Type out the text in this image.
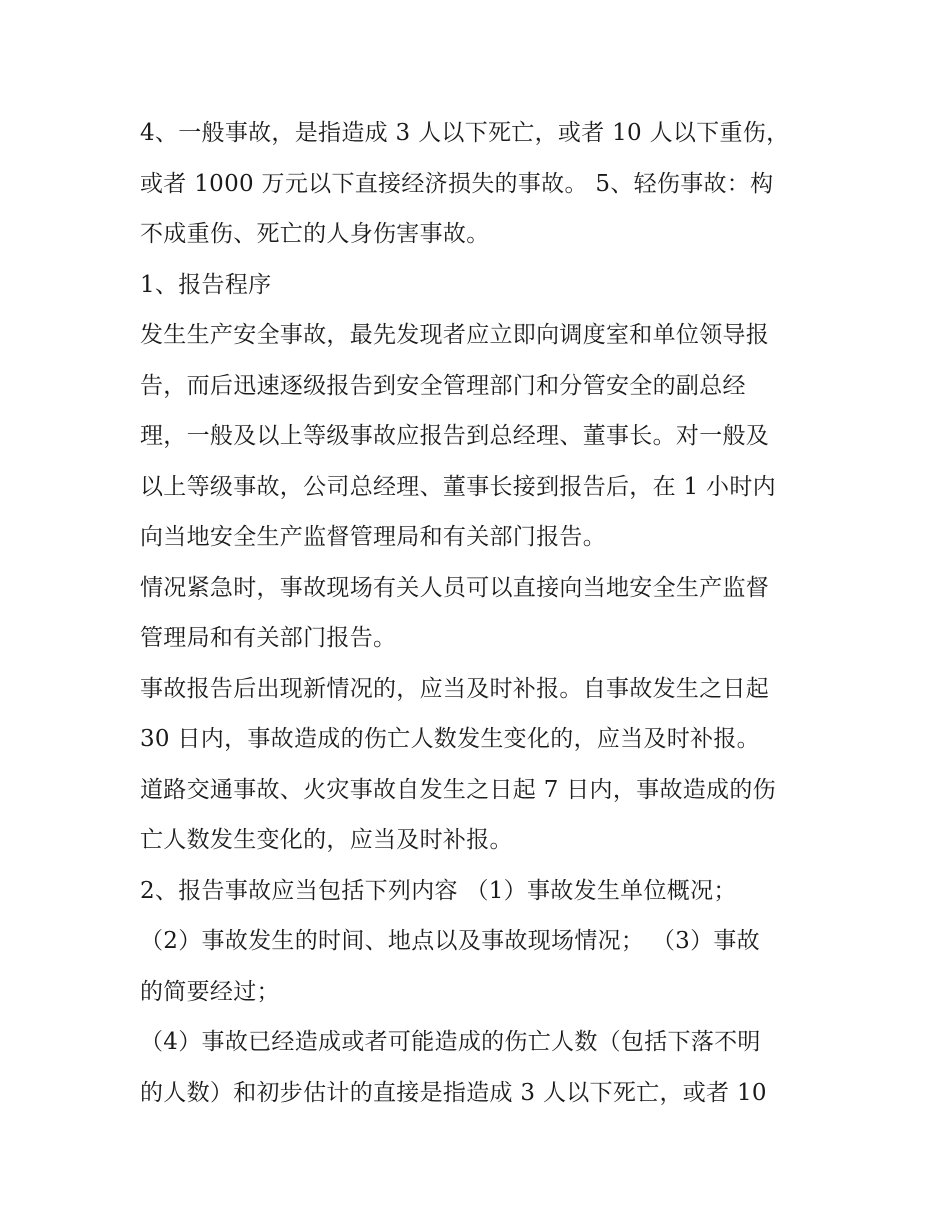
4、一般事故，是指造成 3 人以下死亡，或者 10 人以下重伤，
或者 1000 万元以下直接经济损失的事故。 5、轻伤事故：构
不成重伤、死亡的人身伤害事故。
1、报告程序
发生生产安全事故，最先发现者应立即向调度室和单位领导报
告，而后迅速逐级报告到安全管理部门和分管安全的副总经
理，一般及以上等级事故应报告到总经理、董事长。对一般及
以上等级事故，公司总经理、董事长接到报告后，在 1 小时内
向当地安全生产监督管理局和有关部门报告。
情况紧急时，事故现场有关人员可以直接向当地安全生产监督
管理局和有关部门报告。
事故报告后出现新情况的，应当及时补报。自事故发生之日起
30 日内，事故造成的伤亡人数发生变化的，应当及时补报。
道路交通事故、火灾事故自发生之日起 7 日内，事故造成的伤
亡人数发生变化的，应当及时补报。
2、报告事故应当包括下列内容 （1）事故发生单位概况；
（2）事故发生的时间、地点以及事故现场情况； （3）事故
的简要经过；
（4）事故已经造成或者可能造成的伤亡人数（包括下落不明
的人数）和初步估计的直接是指造成 3 人以下死亡，或者 10
